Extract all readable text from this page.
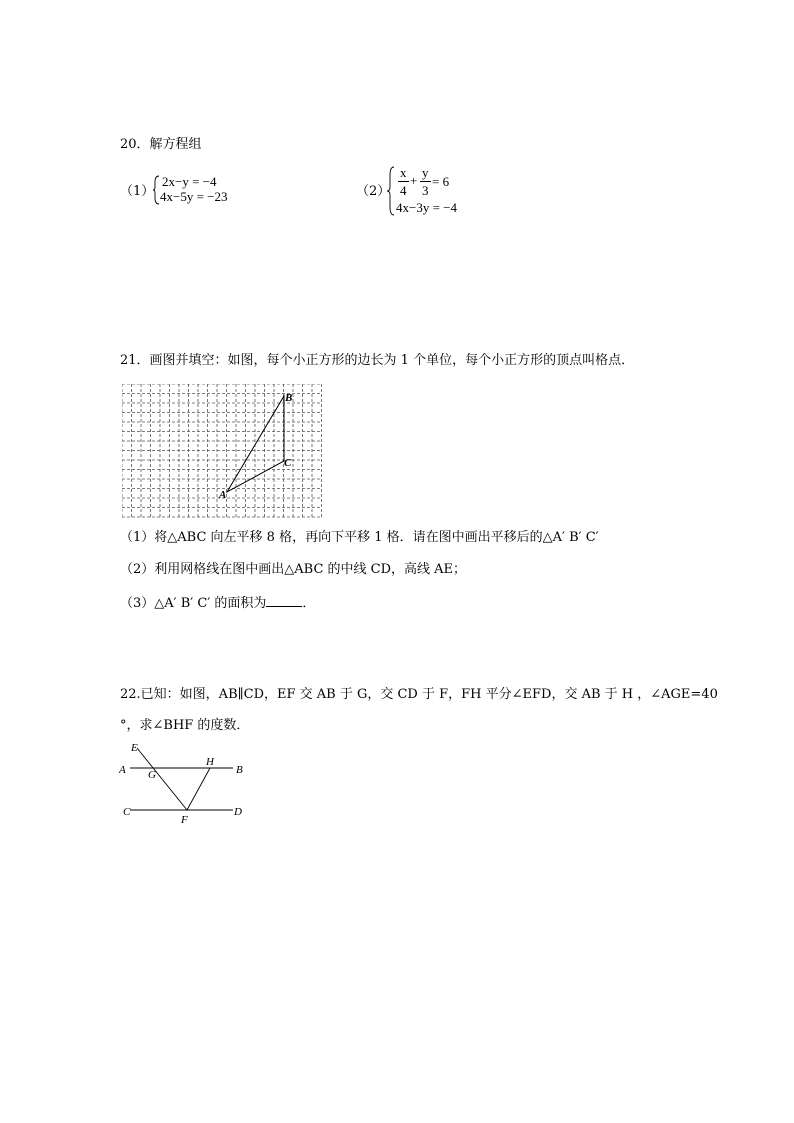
20．解方程组
（1）
2x−y = −4
4x−5y = −23	（2）
x
4
+
y
3
= 6
4x−3y = −4
21．画图并填空：如图，每个小正方形的边长为 1 个单位，每个小正方形的顶点叫格点．
B
C
A
（1）将△ABC 向左平移 8 格，再向下平移 1 格．请在图中画出平移后的△A′ B′ C′
（2）利用网格线在图中画出△ABC 的中线 CD，高线 AE；
（3）△A′ B′ C′ 的面积为	．
22.已知：如图，AB∥CD，EF 交 AB 于 G，交 CD 于 F，FH 平分∠EFD，交 AB 于 H ，∠AGE=40
°，求∠BHF 的度数．
E
A G
H
B
C
F
D
